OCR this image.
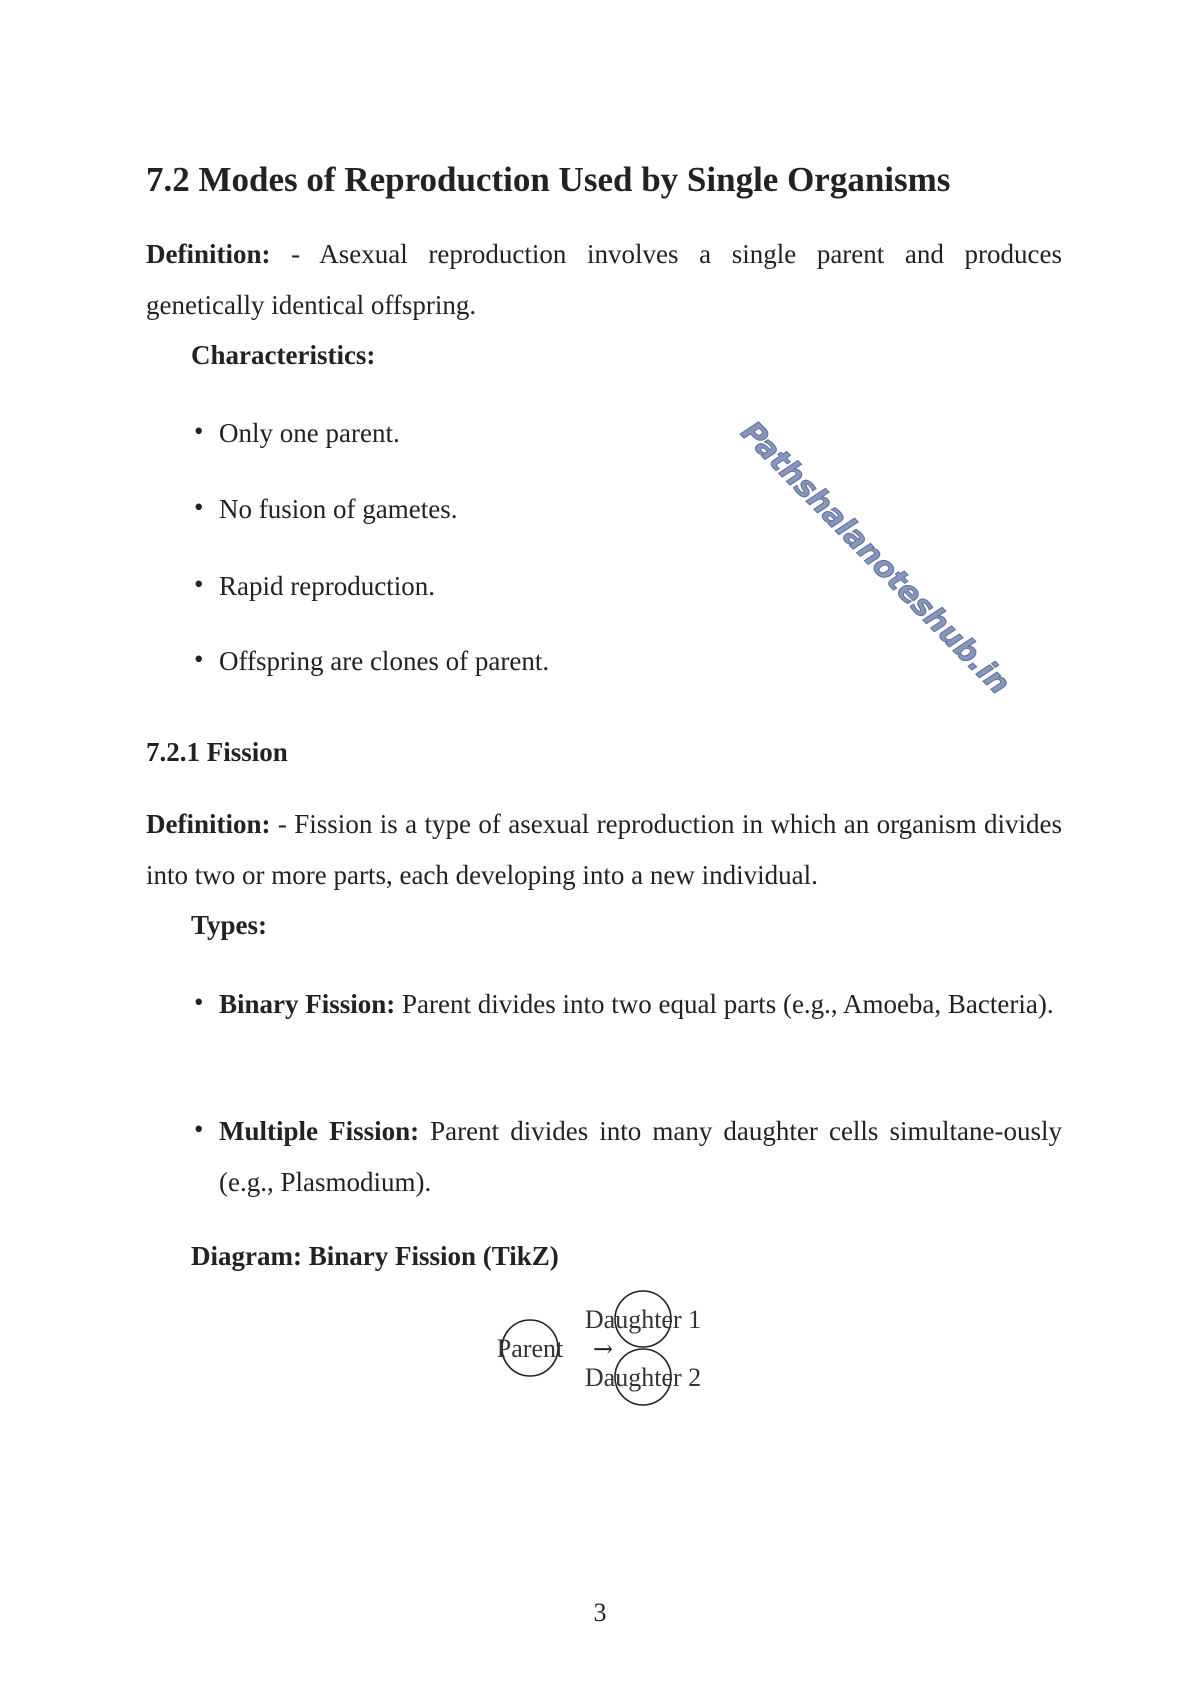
7.2 Modes of Reproduction Used by Single Organisms
Definition: - Asexual reproduction involves a single parent and produces genetically identical offspring.
Characteristics:
• Only one parent.
• No fusion of gametes.
• Rapid reproduction.
• Offspring are clones of parent.
7.2.1 Fission
Definition: - Fission is a type of asexual reproduction in which an organism divides into two or more parts, each developing into a new individual.
Types:
• Binary Fission: Parent divides into two equal parts (e.g., Amoeba, Bacteria).
• Multiple Fission: Parent divides into many daughter cells simultane-ously (e.g., Plasmodium).
Diagram: Binary Fission (TikZ)
Parent →
Daughter 1
Daughter 2
Pathshalanoteshub.in
3
